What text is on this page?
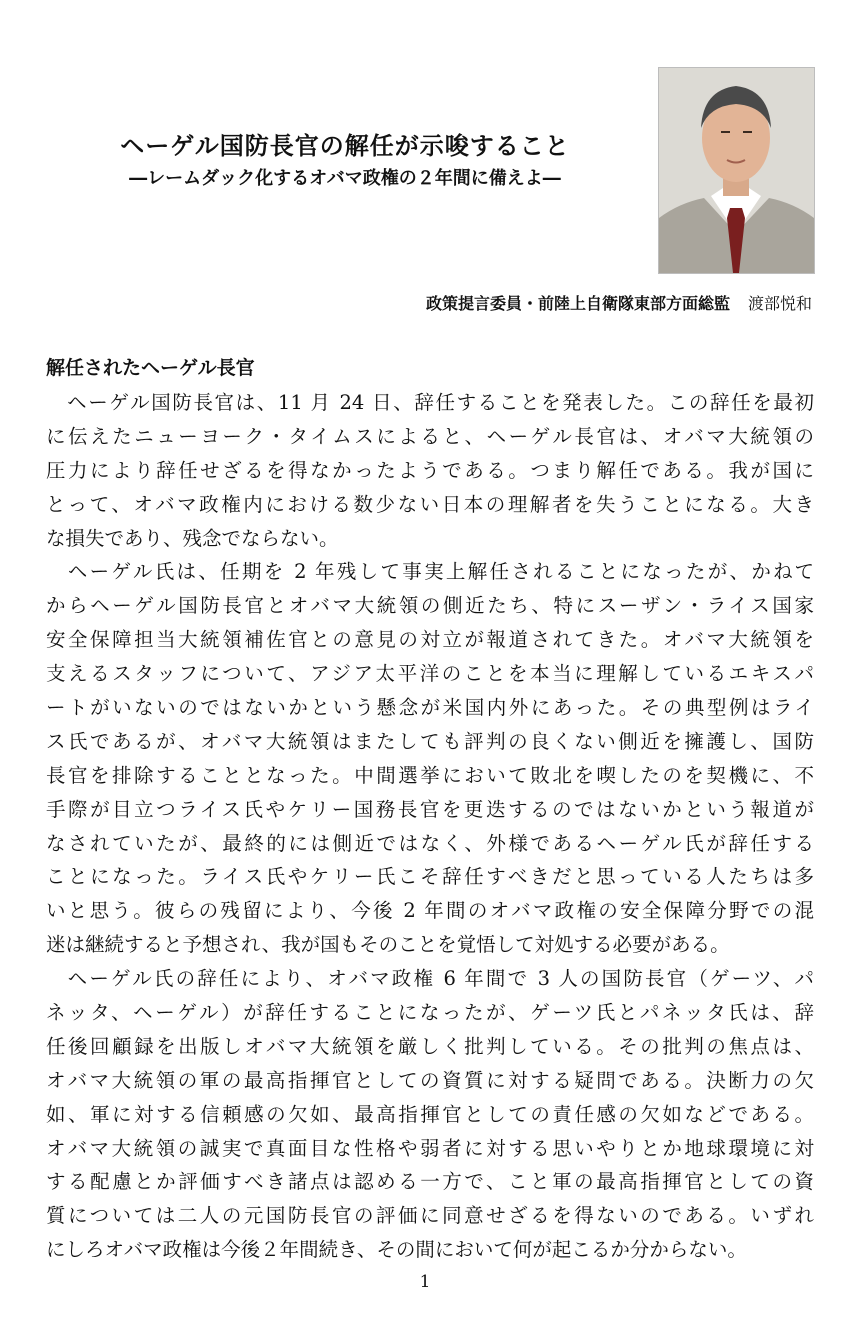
ヘーゲル国防長官の解任が示唆すること

―レームダック化するオバマ政権の２年間に備えよ―

政策提言委員・前陸上自衛隊東部方面総監 渡部悦和
解任されたヘーゲル長官
　ヘーゲル国防長官は、11 月 24 日、辞任することを発表した。この辞任を最初
に伝えたニューヨーク・タイムスによると、ヘーゲル長官は、オバマ大統領の
圧力により辞任せざるを得なかったようである。つまり解任である。我が国に
とって、オバマ政権内における数少ない日本の理解者を失うことになる。大き
な損失であり、残念でならない。
　ヘーゲル氏は、任期を 2 年残して事実上解任されることになったが、かねて
からヘーゲル国防長官とオバマ大統領の側近たち、特にスーザン・ライス国家
安全保障担当大統領補佐官との意見の対立が報道されてきた。オバマ大統領を
支えるスタッフについて、アジア太平洋のことを本当に理解しているエキスパ
ートがいないのではないかという懸念が米国内外にあった。その典型例はライ
ス氏であるが、オバマ大統領はまたしても評判の良くない側近を擁護し、国防
長官を排除することとなった。中間選挙において敗北を喫したのを契機に、不
手際が目立つライス氏やケリー国務長官を更迭するのではないかという報道が
なされていたが、最終的には側近ではなく、外様であるヘーゲル氏が辞任する
ことになった。ライス氏やケリー氏こそ辞任すべきだと思っている人たちは多
いと思う。彼らの残留により、今後 2 年間のオバマ政権の安全保障分野での混
迷は継続すると予想され、我が国もそのことを覚悟して対処する必要がある。
　ヘーゲル氏の辞任により、オバマ政権 6 年間で 3 人の国防長官（ゲーツ、パ
ネッタ、ヘーゲル）が辞任することになったが、ゲーツ氏とパネッタ氏は、辞
任後回顧録を出版しオバマ大統領を厳しく批判している。その批判の焦点は、
オバマ大統領の軍の最高指揮官としての資質に対する疑問である。決断力の欠
如、軍に対する信頼感の欠如、最高指揮官としての責任感の欠如などである。
オバマ大統領の誠実で真面目な性格や弱者に対する思いやりとか地球環境に対
する配慮とか評価すべき諸点は認める一方で、こと軍の最高指揮官としての資
質については二人の元国防長官の評価に同意せざるを得ないのである。いずれ
にしろオバマ政権は今後２年間続き、その間において何が起こるか分からない。
1
